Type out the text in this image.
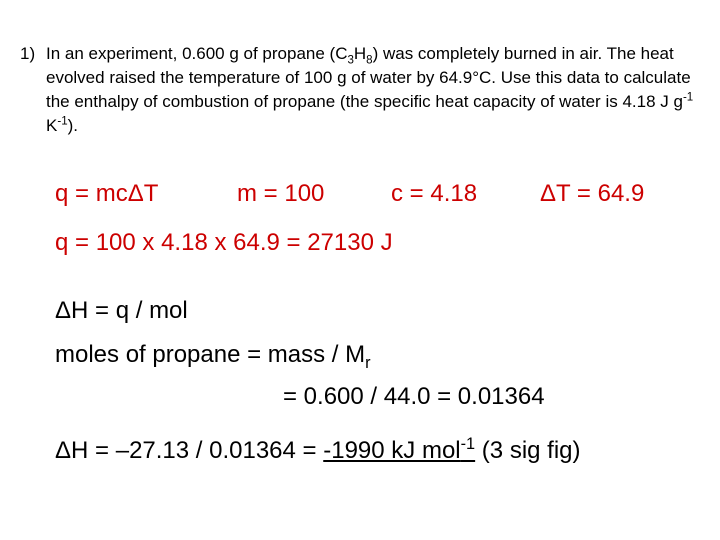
1) In an experiment, 0.600 g of propane $(C_3H_8)$ was completely burned in air. The heat evolved raised the temperature of 100 g of water by 64.9°C. Use this data to calculate the enthalpy of combustion of propane (the specific heat capacity of water is 4.18 J $g^{-1}$ $K^{-1}$).
q = mcΔT	m = 100	c = 4.18	ΔT = 64.9
q = 100 x 4.18 x 64.9 = 27130 J
ΔH = q / mol
moles of propane = mass / $M_r$
= 0.600 / 44.0 = 0.01364
ΔH = –27.13 / 0.01364 = -1990 kJ mol$^{-1}$ (3 sig fig)
